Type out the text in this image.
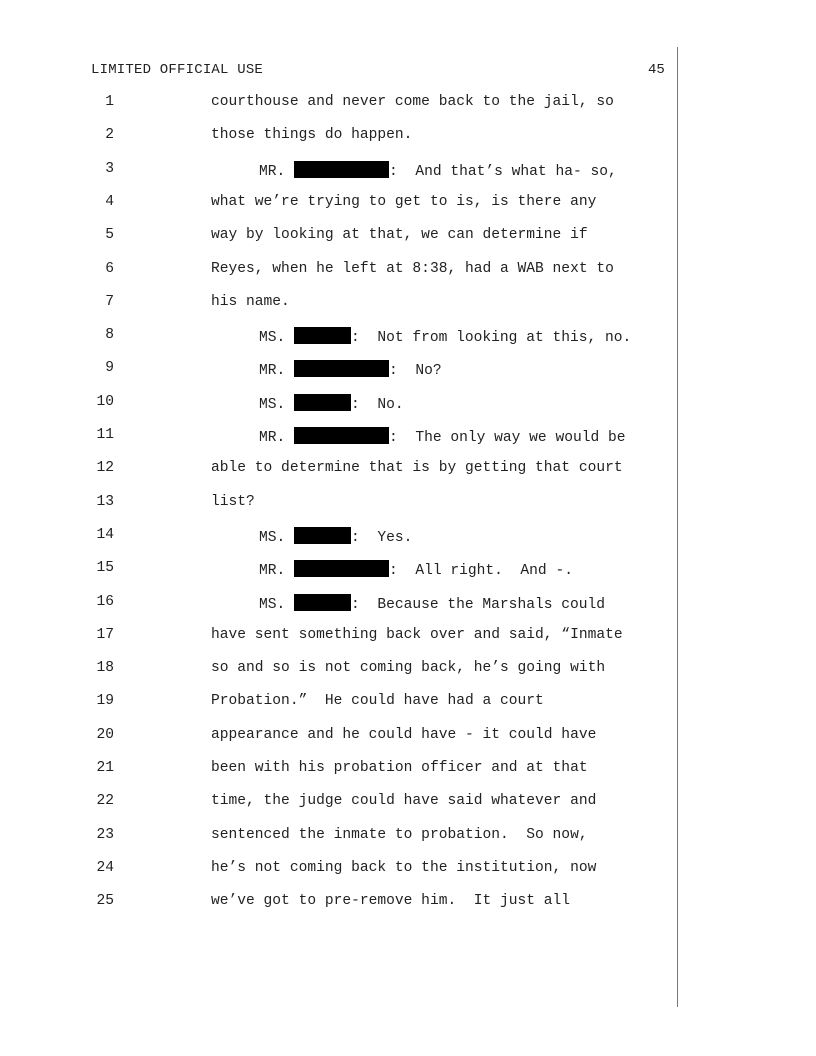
LIMITED OFFICIAL USE	45
1	courthouse and never come back to the jail, so
2	those things do happen.
3	MR.	:  And that’s what ha- so,
4	what we’re trying to get to is, is there any
5	way by looking at that, we can determine if
6	Reyes, when he left at 8:38, had a WAB next to
7	his name.
8	MS.	:  Not from looking at this, no.
9	MR.	:  No?
10	MS.	:  No.
11	MR.	:  The only way we would be
12	able to determine that is by getting that court
13	list?
14	MS.	:  Yes.
15	MR.	:  All right.  And -.
16	MS.	:  Because the Marshals could
17	have sent something back over and said, “Inmate
18	so and so is not coming back, he’s going with
19	Probation.”  He could have had a court
20	appearance and he could have - it could have
21	been with his probation officer and at that
22	time, the judge could have said whatever and
23	sentenced the inmate to probation.  So now,
24	he’s not coming back to the institution, now
25	we’ve got to pre-remove him.  It just all
